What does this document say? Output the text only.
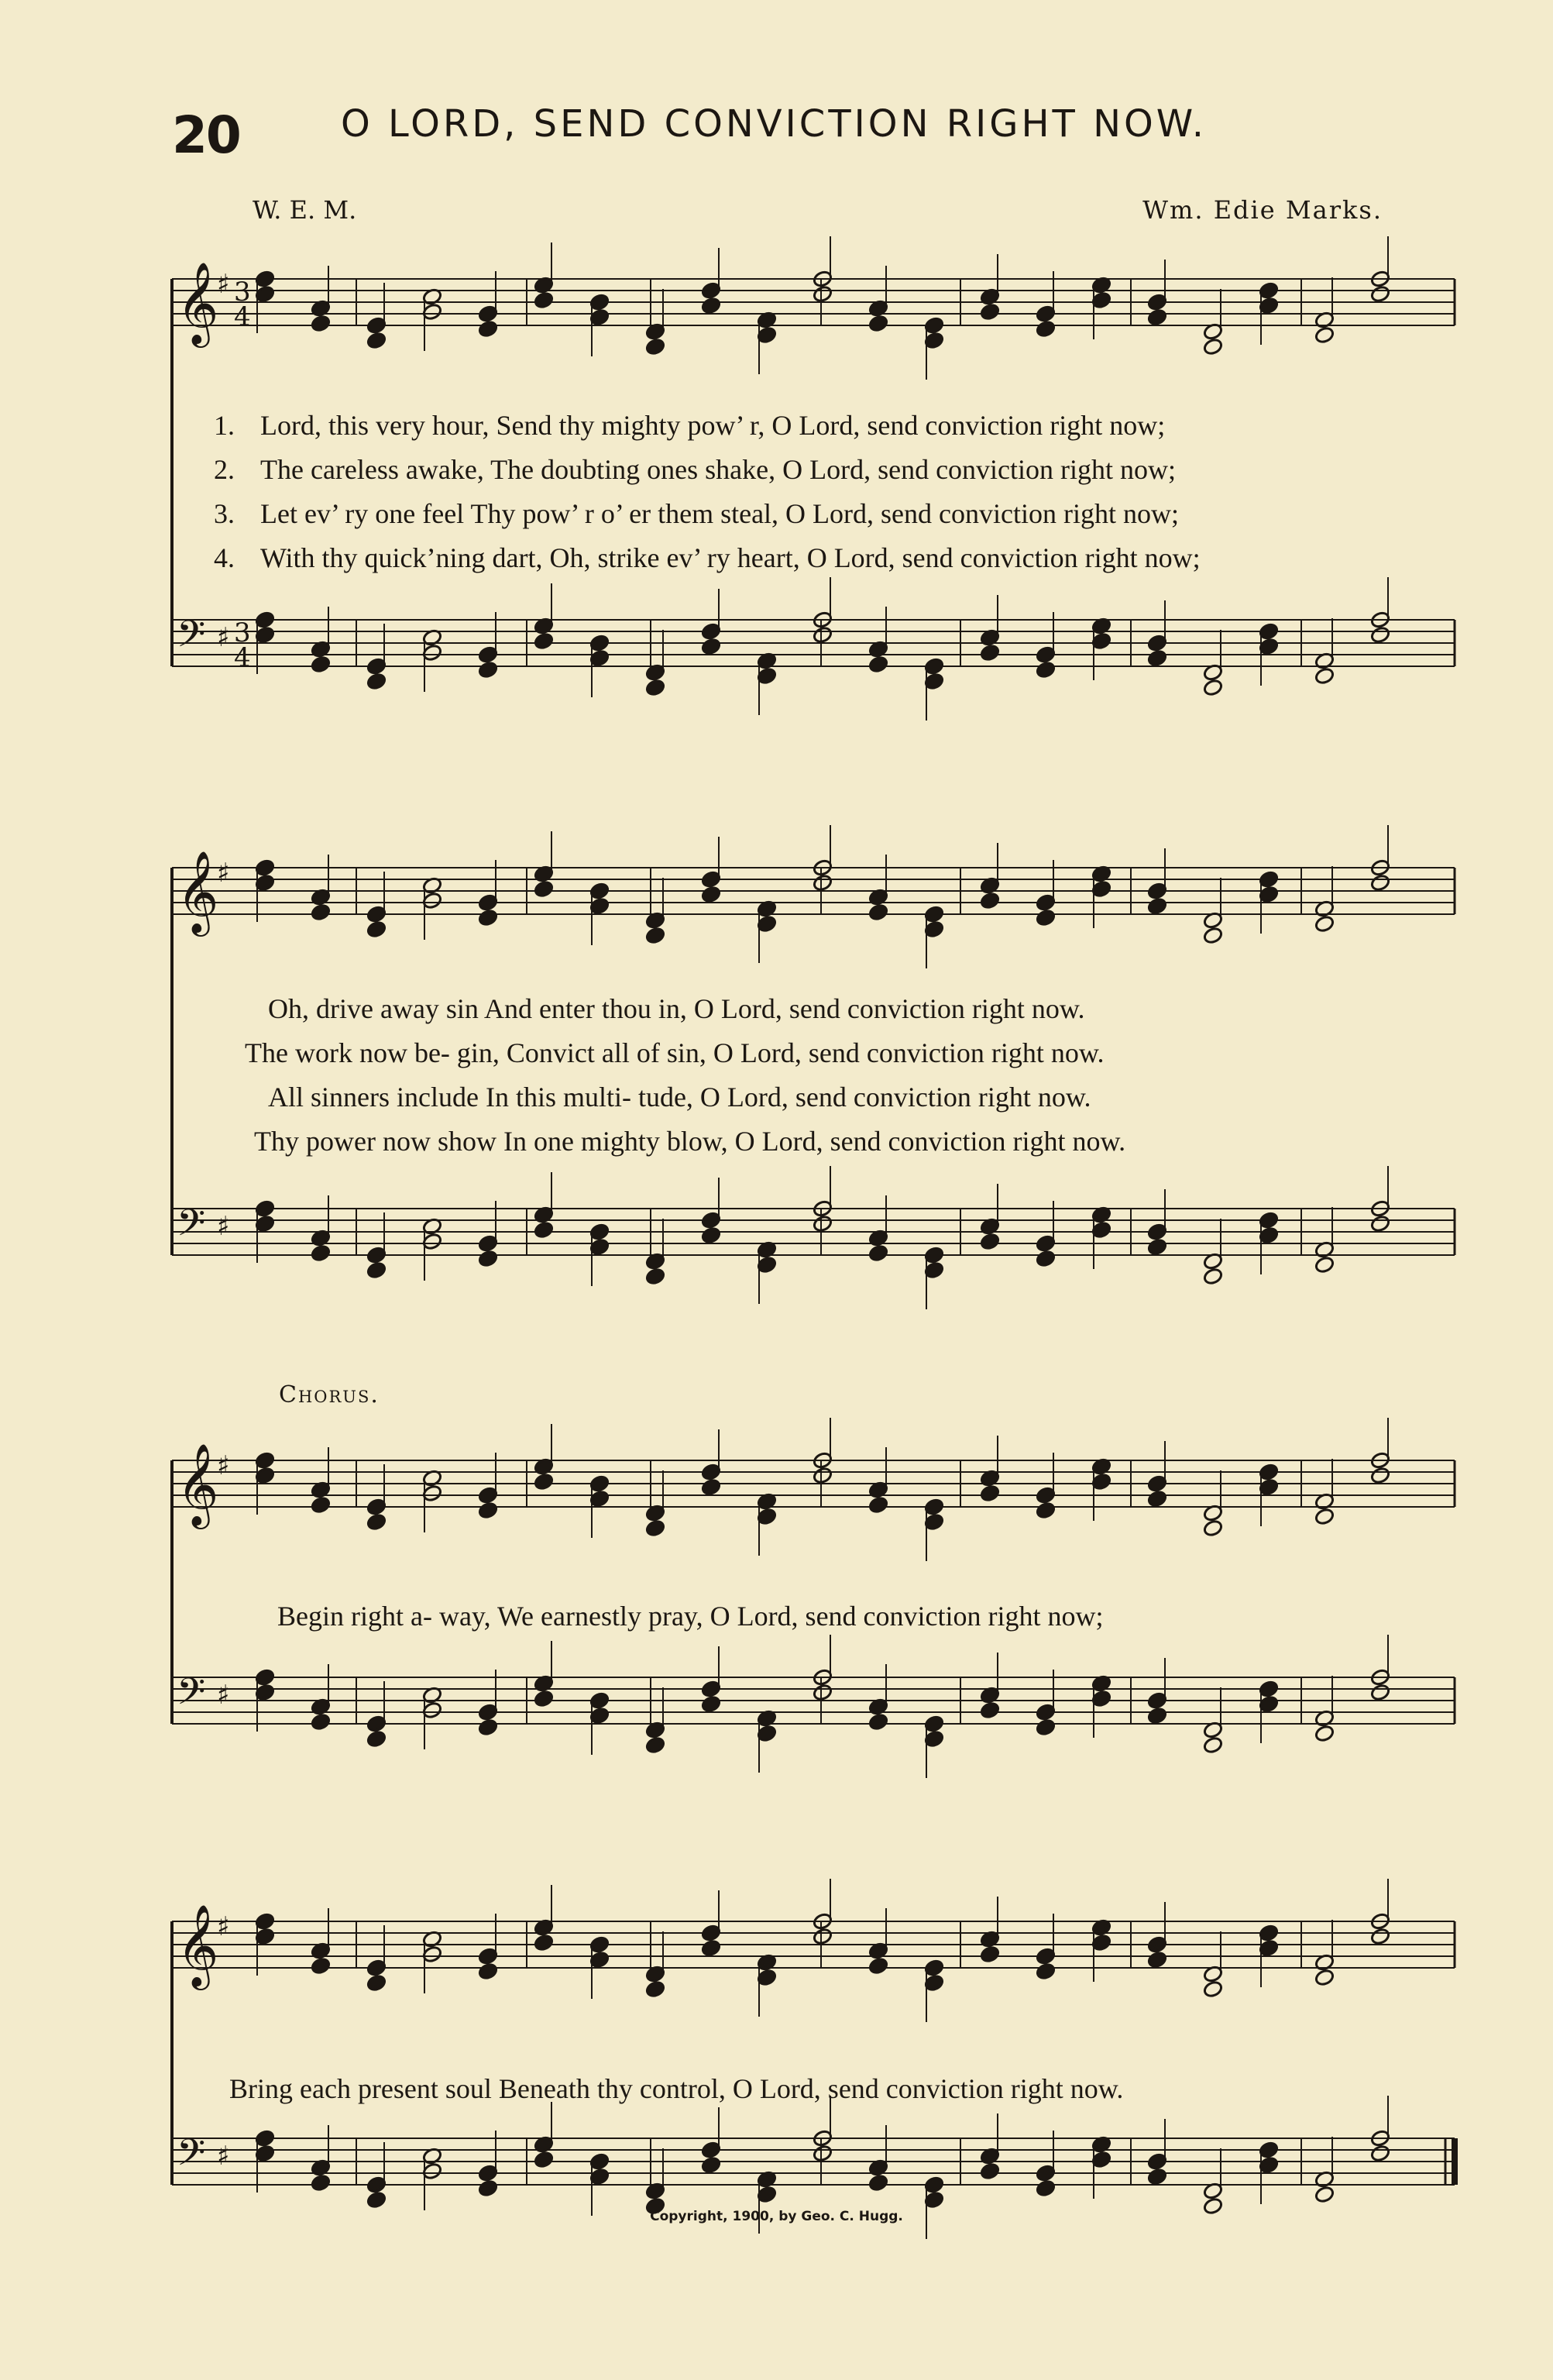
20	O LORD, SEND CONVICTION RIGHT NOW.
W. E. M.	Wm. Edie Marks.
𝄞
♯ 3
4
𝄢 ♯ 3
4
1. Lord, this very hour, Send thy mighty pow’ r, O Lord, send conviction right now;
2. The careless awake, The doubting ones shake, O Lord, send conviction right now;
3. Let ev’ ry one feel Thy pow’ r o’ er them steal, O Lord, send conviction right now;
4. With thy quick’ning dart, Oh, strike ev’ ry heart, O Lord, send conviction right now;
𝄞
♯
𝄢 ♯
Oh, drive away sin And enter thou in, O Lord, send conviction right now.
The work now be- gin, Convict all of sin, O Lord, send conviction right now.
All sinners include In this multi- tude, O Lord, send conviction right now.
Thy power now show In one mighty blow, O Lord, send conviction right now.
Chorus.
𝄞
♯
𝄢 ♯
Begin right a- way, We earnestly pray, O Lord, send conviction right now;
𝄞
♯
𝄢 ♯
Bring each present soul Beneath thy control, O Lord, send conviction right now.
Copyright, 1900, by Geo. C. Hugg.
